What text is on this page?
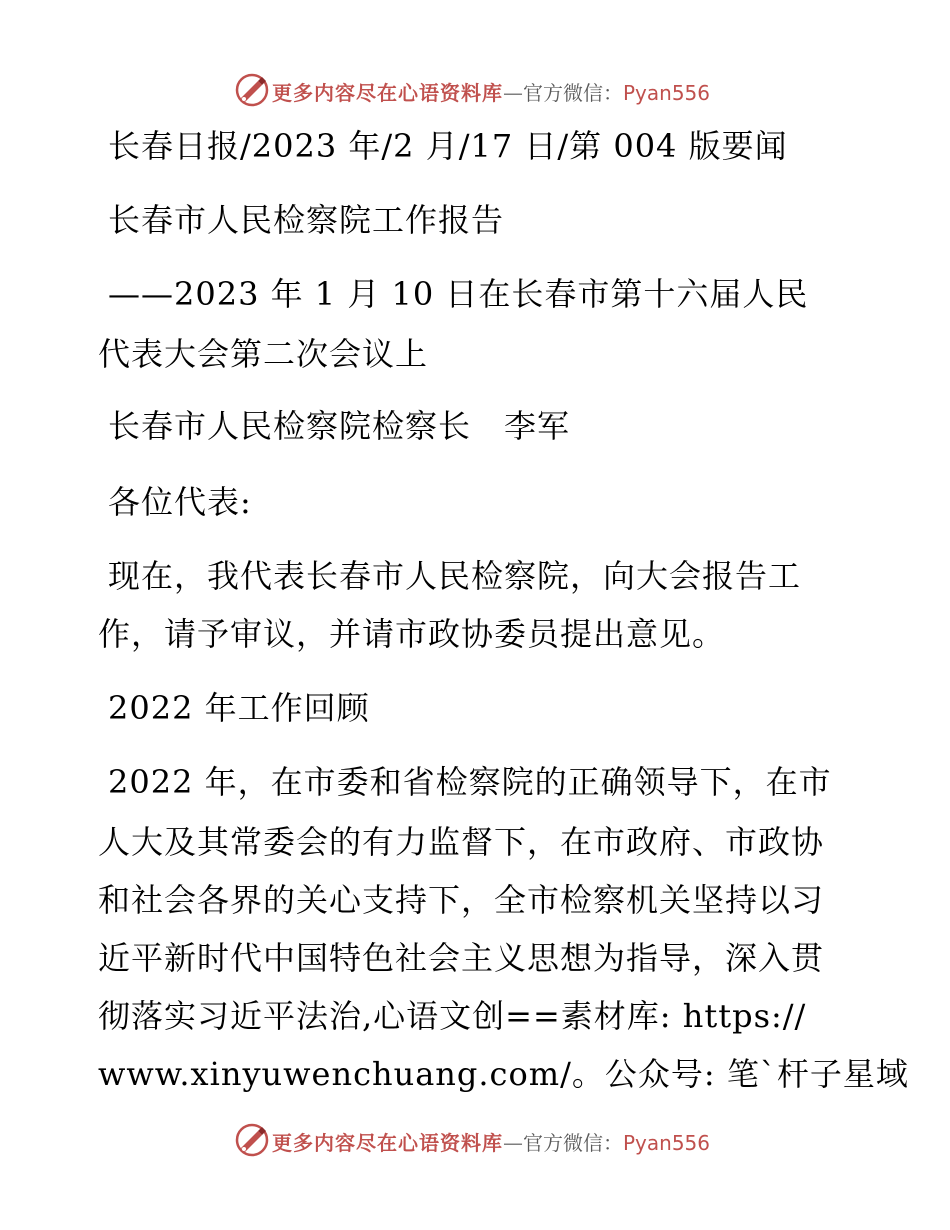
更多内容尽在心语资料库—官方微信：Pyan556
长春日报/2023 年/2 月/17 日/第 004 版要闻
长春市人民检察院工作报告
——2023 年 1 月 10 日在长春市第十六届人民
代表大会第二次会议上
长春市人民检察院检察长　李军
各位代表:
现在，我代表长春市人民检察院，向大会报告工
作，请予审议，并请市政协委员提出意见。
2022 年工作回顾
2022 年，在市委和省检察院的正确领导下，在市
人大及其常委会的有力监督下，在市政府、市政协
和社会各界的关心支持下，全市检察机关坚持以习
近平新时代中国特色社会主义思想为指导，深入贯
彻落实习近平法治,心语文创==素材库: https://
www.xinyuwenchuang.com/。公众号: 笔`杆子星域
更多内容尽在心语资料库—官方微信：Pyan556
